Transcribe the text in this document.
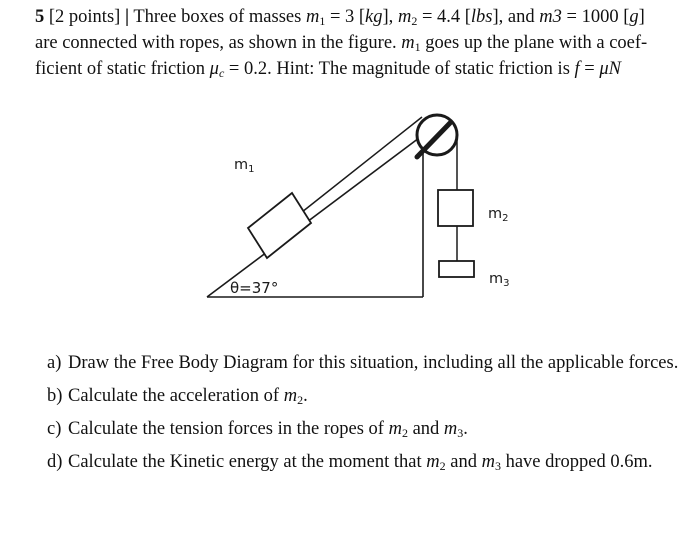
5 [2 points] | Three boxes of masses $m_1 = 3$ [kg], $m_2 = 4.4$ [lbs], and m3 = 1000 [g]
are connected with ropes, as shown in the figure. $m_1$ goes up the plane with a coef-
ficient of static friction $\mu_c = 0.2$. Hint: The magnitude of static friction is f = μN
$m_1$
$m_2$
$m_3$
θ=37°
a) Draw the Free Body Diagram for this situation, including all the applicable forces.
b) Calculate the acceleration of $m_2$.
c) Calculate the tension forces in the ropes of $m_2$ and $m_3$.
d) Calculate the Kinetic energy at the moment that $m_2$ and $m_3$ have dropped 0.6m.
